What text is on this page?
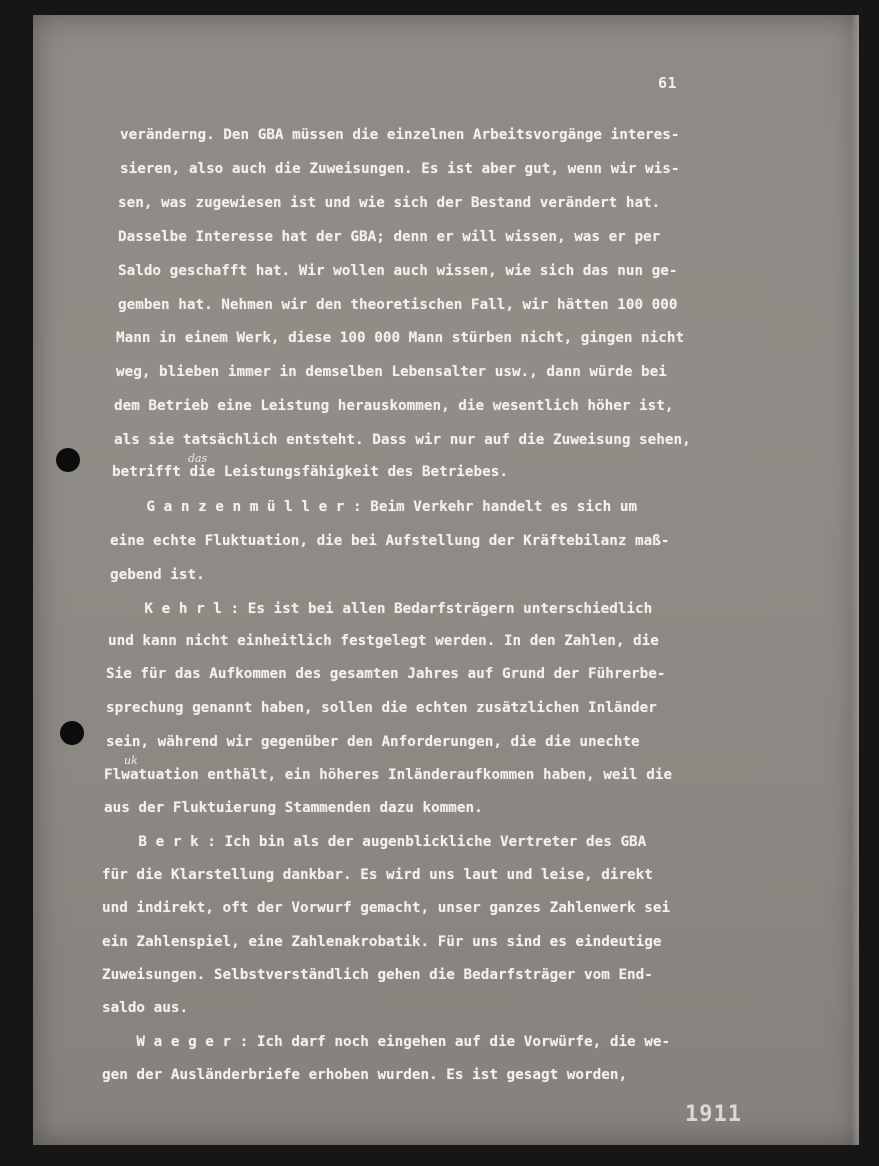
61
veränderng. Den GBA müssen die einzelnen Arbeitsvorgänge interes-
sieren, also auch die Zuweisungen. Es ist aber gut, wenn wir wis-
sen, was zugewiesen ist und wie sich der Bestand verändert hat.
Dasselbe Interesse hat der GBA; denn er will wissen, was er per
Saldo geschafft hat. Wir wollen auch wissen, wie sich das nun ge-
gemben hat. Nehmen wir den theoretischen Fall, wir hätten 100 000
Mann in einem Werk, diese 100 000 Mann stürben nicht, gingen nicht
weg, blieben immer in demselben Lebensalter usw., dann würde bei
dem Betrieb eine Leistung herauskommen, die wesentlich höher ist,
als sie tatsächlich entsteht. Dass wir nur auf die Zuweisung sehen,
betrifft die Leistungsfähigkeit des Betriebes.
G a n z e n m ü l l e r : Beim Verkehr handelt es sich um
eine echte Fluktuation, die bei Aufstellung der Kräftebilanz maß-
gebend ist.
K e h r l : Es ist bei allen Bedarfsträgern unterschiedlich
und kann nicht einheitlich festgelegt werden. In den Zahlen, die
Sie für das Aufkommen des gesamten Jahres auf Grund der Führerbe-
sprechung genannt haben, sollen die echten zusätzlichen Inländer
sein, während wir gegenüber den Anforderungen, die die unechte
Flwatuation enthält, ein höheres Inländeraufkommen haben, weil die
aus der Fluktuierung Stammenden dazu kommen.
B e r k : Ich bin als der augenblickliche Vertreter des GBA
für die Klarstellung dankbar. Es wird uns laut und leise, direkt
und indirekt, oft der Vorwurf gemacht, unser ganzes Zahlenwerk sei
ein Zahlenspiel, eine Zahlenakrobatik. Für uns sind es eindeutige
Zuweisungen. Selbstverständlich gehen die Bedarfsträger vom End-
saldo aus.
W a e g e r : Ich darf noch eingehen auf die Vorwürfe, die we-
gen der Ausländerbriefe erhoben wurden. Es ist gesagt worden,
das
uk
1911
